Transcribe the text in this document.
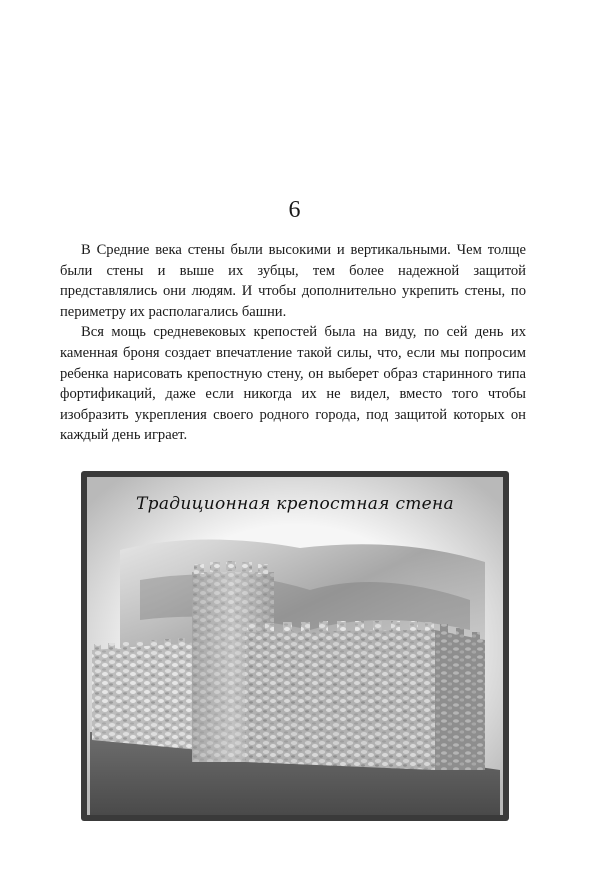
6

В Средние века стены были высокими и вертикальными. Чем толще были стены и выше их зубцы, тем более надежной защитой представлялись они людям. И чтобы дополнительно укрепить стены, по периметру их располагались башни.

Вся мощь средневековых крепостей была на виду, по сей день их каменная броня создает впечатление такой силы, что, если мы попросим ребенка нарисовать крепостную стену, он выберет образ старинного типа фортификаций, даже если никогда их не видел, вместо того чтобы изобразить укрепления своего родного города, под защитой которых он каждый день играет.

Традиционная крепостная стена
